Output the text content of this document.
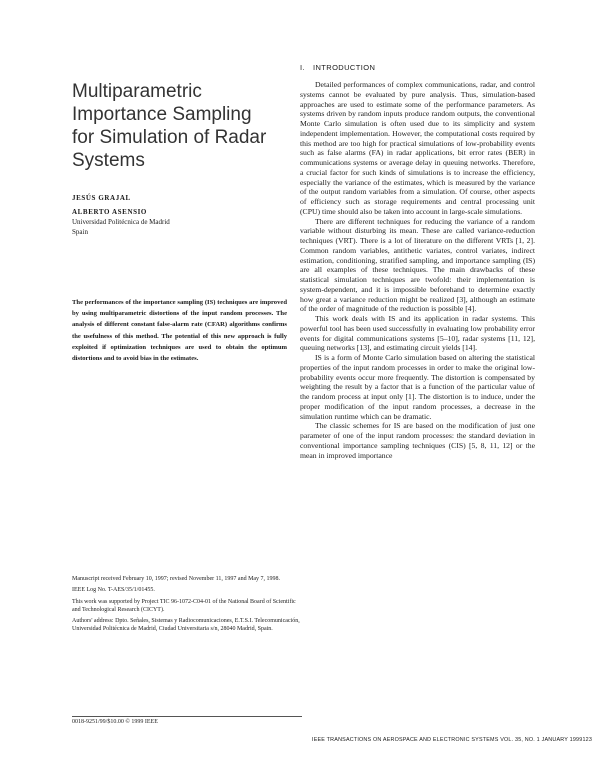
Multiparametric Importance Sampling for Simulation of Radar Systems
JESÚS GRAJAL
ALBERTO ASENSIO
Universidad Politécnica de Madrid
Spain

The performances of the importance sampling (IS) techniques are improved by using multiparametric distortions of the input random processes. The analysis of different constant false-alarm rate (CFAR) algorithms confirms the usefulness of this method. The potential of this new approach is fully exploited if optimization techniques are used to obtain the optimum distortions and to avoid bias in the estimates.

Manuscript received February 10, 1997; revised November 11, 1997 and May 7, 1998.

IEEE Log No. T-AES/35/1/01455.

This work was supported by Project TIC 96-1072-C04-01 of the National Board of Scientific and Technological Research (CICYT).

Authors' address: Dpto. Señales, Sistemas y Radiocomunicaciones, E.T.S.I. Telecomunicación, Universidad Politécnica de Madrid, Ciudad Universitaria s/n, 28040 Madrid, Spain.

0018-9251/99/$10.00 © 1999 IEEE
I. INTRODUCTION

Detailed performances of complex communications, radar, and control systems cannot be evaluated by pure analysis. Thus, simulation-based approaches are used to estimate some of the performance parameters. As systems driven by random inputs produce random outputs, the conventional Monte Carlo simulation is often used due to its simplicity and system independent implementation. However, the computational costs required by this method are too high for practical simulations of low-probability events such as false alarms (FA) in radar applications, bit error rates (BER) in communications systems or average delay in queuing networks. Therefore, a crucial factor for such kinds of simulations is to increase the efficiency, especially the variance of the estimates, which is measured by the variance of the output random variables from a simulation. Of course, other aspects of efficiency such as storage requirements and central processing unit (CPU) time should also be taken into account in large-scale simulations.

There are different techniques for reducing the variance of a random variable without disturbing its mean. These are called variance-reduction techniques (VRT). There is a lot of literature on the different VRTs [1, 2]. Common random variables, antithetic variates, control variates, indirect estimation, conditioning, stratified sampling, and importance sampling (IS) are all examples of these techniques. The main drawbacks of these statistical simulation techniques are twofold: their implementation is system-dependent, and it is impossible beforehand to determine exactly how great a variance reduction might be realized [3], although an estimate of the order of magnitude of the reduction is possible [4].

This work deals with IS and its application in radar systems. This powerful tool has been used successfully in evaluating low probability error events for digital communications systems [5–10], radar systems [11, 12], queuing networks [13], and estimating circuit yields [14].

IS is a form of Monte Carlo simulation based on altering the statistical properties of the input random processes in order to make the original low-probability events occur more frequently. The distortion is compensated by weighting the result by a factor that is a function of the particular value of the random process at input only [1]. The distortion is to induce, under the proper modification of the input random processes, a decrease in the simulation runtime which can be dramatic.

The classic schemes for IS are based on the modification of just one parameter of one of the input random processes: the standard deviation in conventional importance sampling techniques (CIS) [5, 8, 11, 12] or the mean in improved importance

IEEE TRANSACTIONS ON AEROSPACE AND ELECTRONIC SYSTEMS VOL. 35, NO. 1 JANUARY 1999 123
